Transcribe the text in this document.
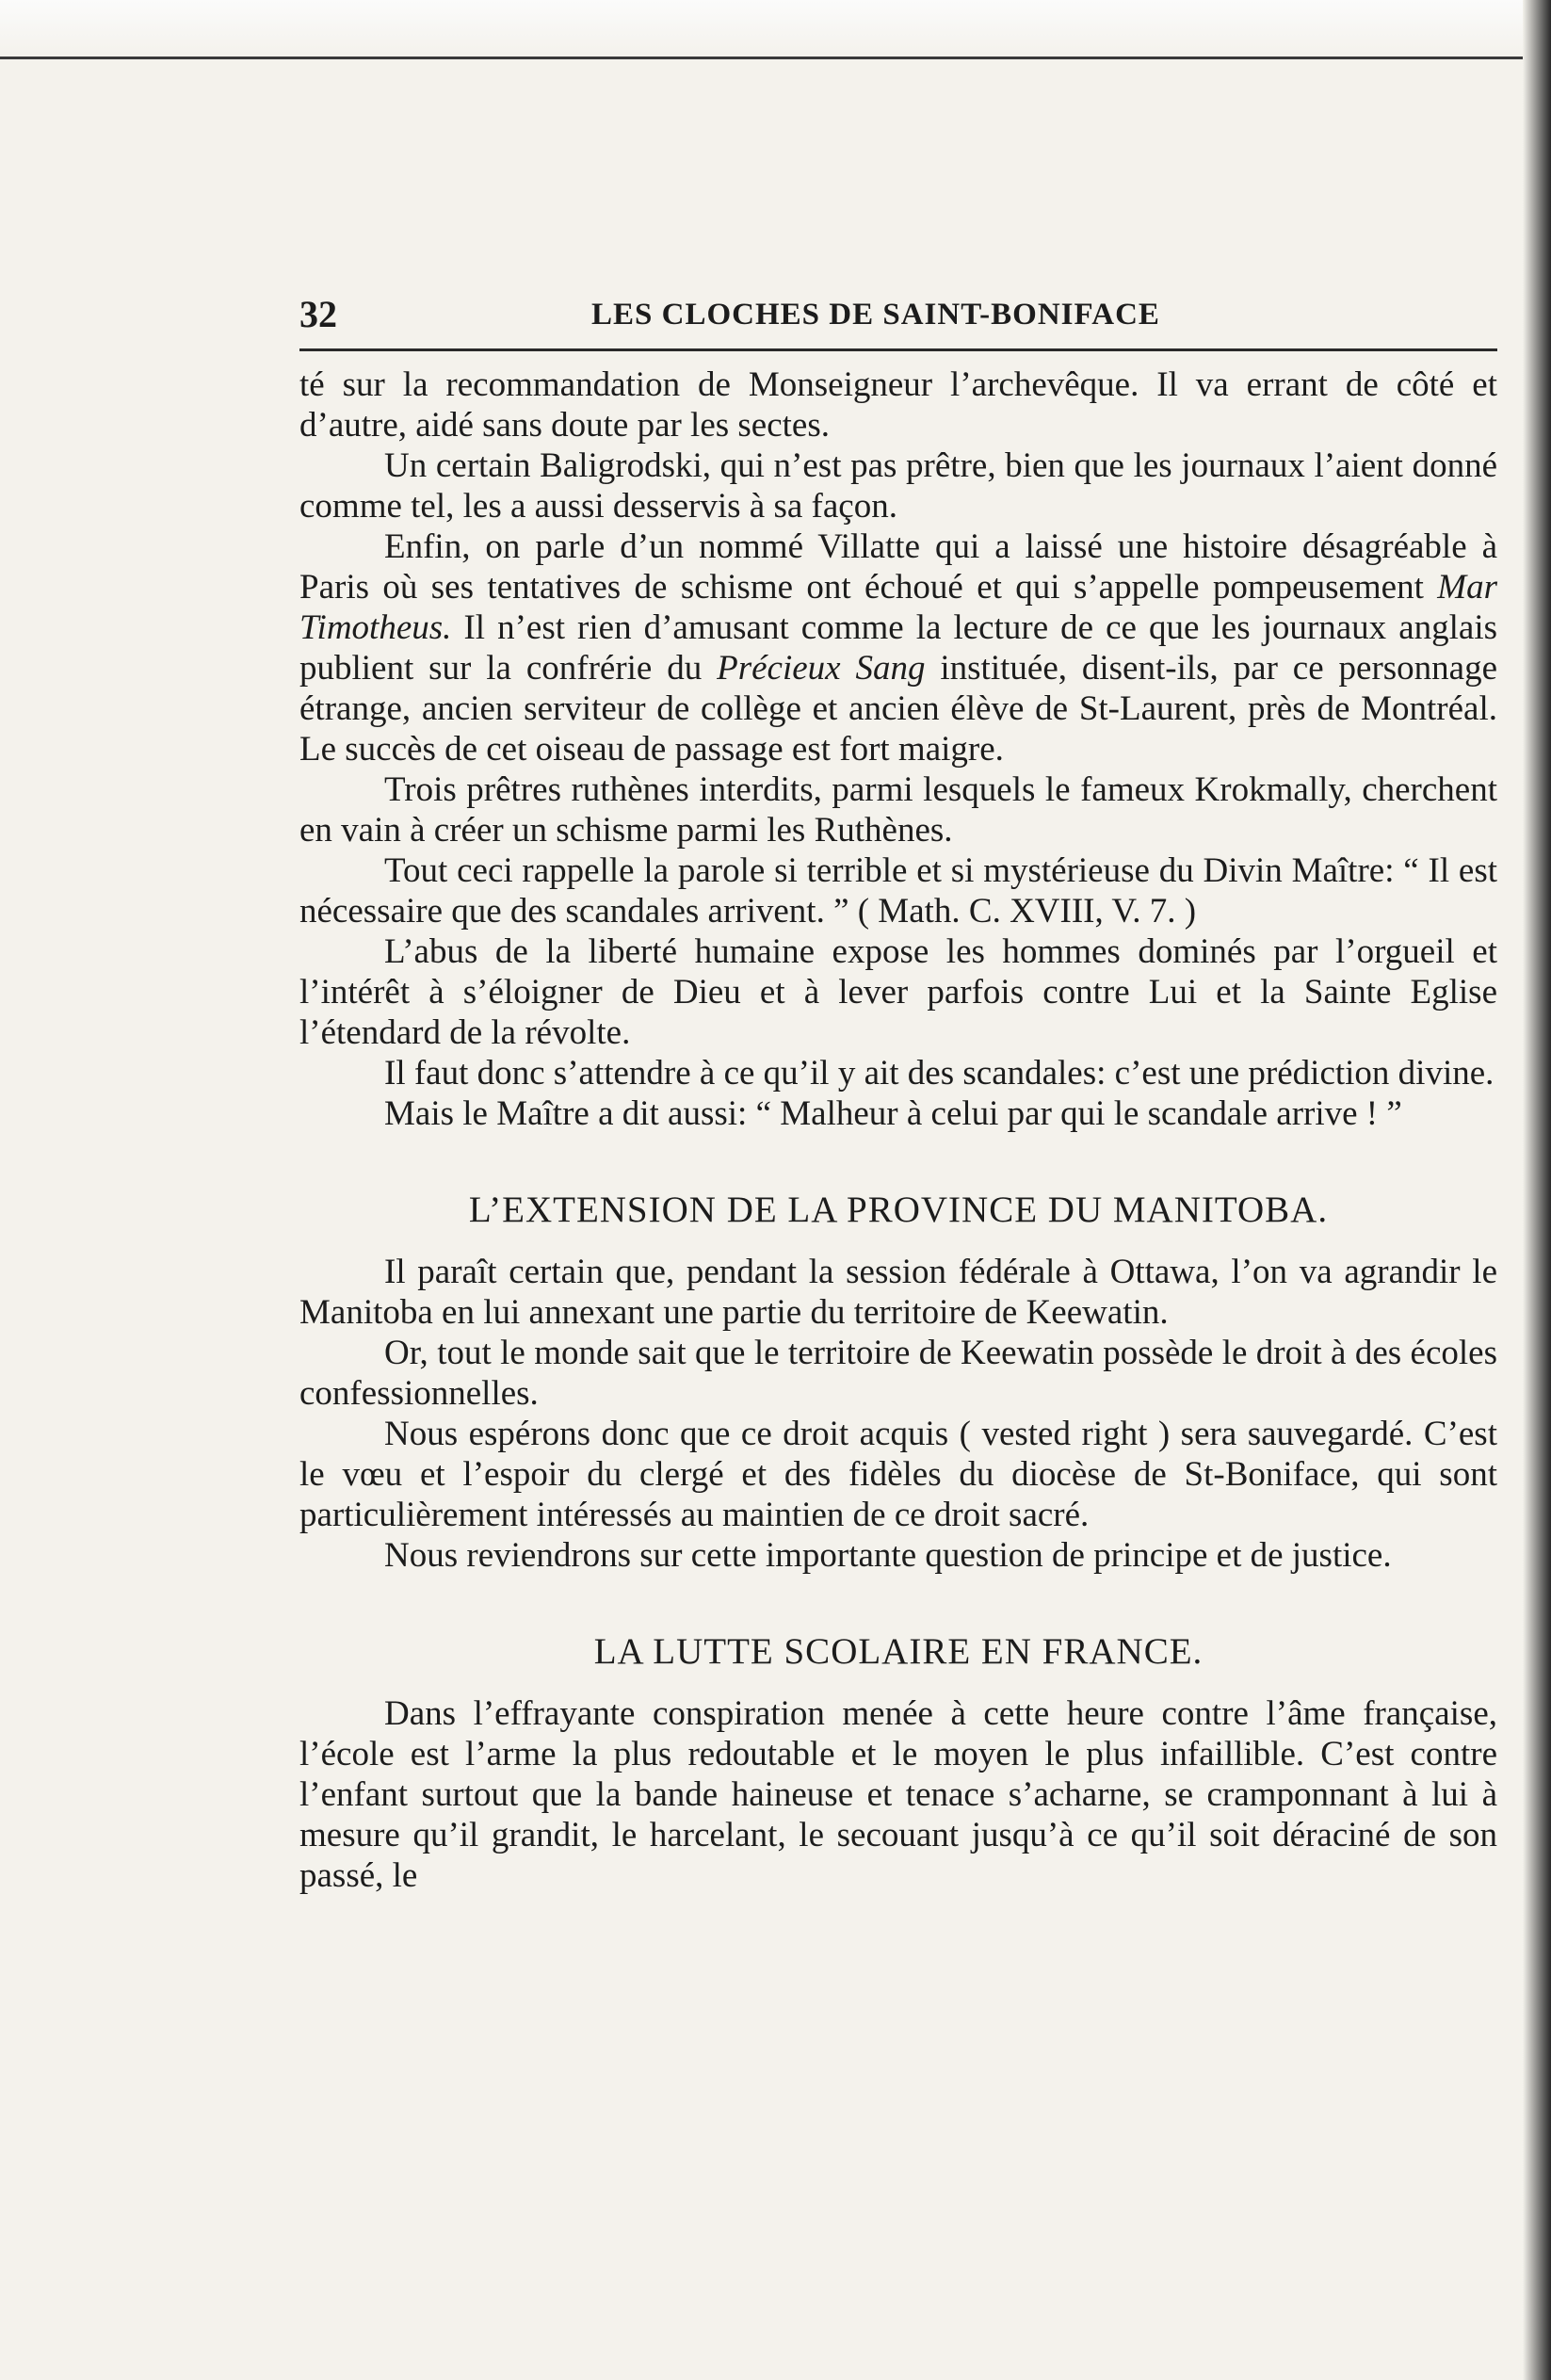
32	LES CLOCHES DE SAINT-BONIFACE

té sur la recommandation de Monseigneur l’archevêque. Il va errant de côté et d’autre, aidé sans doute par les sectes.

Un certain Baligrodski, qui n’est pas prêtre, bien que les journaux l’aient donné comme tel, les a aussi desservis à sa façon.

Enfin, on parle d’un nommé Villatte qui a laissé une histoire désagréable à Paris où ses tentatives de schisme ont échoué et qui s’appelle pompeusement Mar Timotheus. Il n’est rien d’amusant comme la lecture de ce que les journaux anglais publient sur la confrérie du Précieux Sang instituée, disent-ils, par ce personnage étrange, ancien serviteur de collège et ancien élève de St-Laurent, près de Montréal. Le succès de cet oiseau de passage est fort maigre.

Trois prêtres ruthènes interdits, parmi lesquels le fameux Krokmally, cherchent en vain à créer un schisme parmi les Ruthènes.

Tout ceci rappelle la parole si terrible et si mystérieuse du Divin Maître: “ Il est nécessaire que des scandales arrivent. ” ( Math. C. XVIII, V. 7. )

L’abus de la liberté humaine expose les hommes dominés par l’orgueil et l’intérêt à s’éloigner de Dieu et à lever parfois contre Lui et la Sainte Eglise l’étendard de la révolte.

Il faut donc s’attendre à ce qu’il y ait des scandales: c’est une prédiction divine.

Mais le Maître a dit aussi: “ Malheur à celui par qui le scandale arrive ! ”

L’EXTENSION DE LA PROVINCE DU MANITOBA.

Il paraît certain que, pendant la session fédérale à Ottawa, l’on va agrandir le Manitoba en lui annexant une partie du territoire de Keewatin.

Or, tout le monde sait que le territoire de Keewatin possède le droit à des écoles confessionnelles.

Nous espérons donc que ce droit acquis ( vested right ) sera sauvegardé. C’est le vœu et l’espoir du clergé et des fidèles du diocèse de St-Boniface, qui sont particulièrement intéressés au maintien de ce droit sacré.

Nous reviendrons sur cette importante question de principe et de justice.

LA LUTTE SCOLAIRE EN FRANCE.

Dans l’effrayante conspiration menée à cette heure contre l’âme française, l’école est l’arme la plus redoutable et le moyen le plus infaillible. C’est contre l’enfant surtout que la bande haineuse et tenace s’acharne, se cramponnant à lui à mesure qu’il grandit, le harcelant, le secouant jusqu’à ce qu’il soit déraciné de son passé, le
